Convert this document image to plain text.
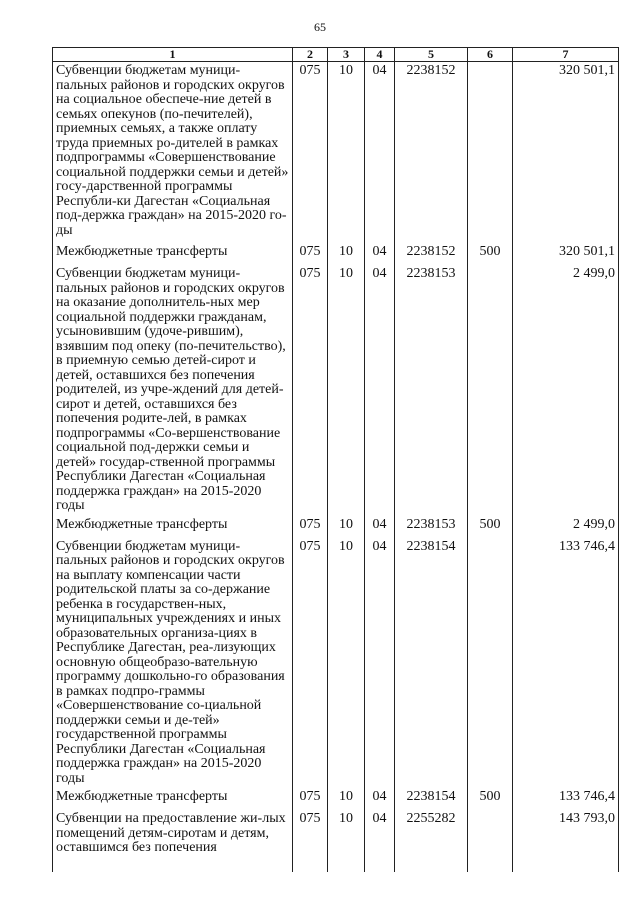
65
1	2	3	4	5	6	7
Субвенции бюджетам муници-пальных районов и городских округов на социальное обеспече-ние детей в семьях опекунов (по-печителей), приемных семьях, а также оплату труда приемных ро-дителей в рамках подпрограммы «Совершенствование социальной поддержки семьи и детей» госу-дарственной программы Республи-ки Дагестан «Социальная под-держка граждан» на 2015-2020 го-ды	075	10	04	2238152		320 501,1
Межбюджетные трансферты	075	10	04	2238152	500	320 501,1
Субвенции бюджетам муници-пальных районов и городских округов на оказание дополнитель-ных мер социальной поддержки гражданам, усыновившим (удоче-рившим), взявшим под опеку (по-печительство), в приемную семью детей-сирот и детей, оставшихся без попечения родителей, из учре-ждений для детей-сирот и детей, оставшихся без попечения родите-лей, в рамках подпрограммы «Со-вершенствование социальной под-держки семьи и детей» государ-ственной программы Республики Дагестан «Социальная поддержка граждан» на 2015-2020 годы	075	10	04	2238153		2 499,0
Межбюджетные трансферты	075	10	04	2238153	500	2 499,0
Субвенции бюджетам муници-пальных районов и городских округов на выплату компенсации части родительской платы за со-держание ребенка в государствен-ных, муниципальных учреждениях и иных образовательных организа-циях в Республике Дагестан, реа-лизующих основную общеобразо-вательную программу дошкольно-го образования в рамках подпро-граммы «Совершенствование со-циальной поддержки семьи и де-тей» государственной программы Республики Дагестан «Социальная поддержка граждан» на 2015-2020 годы	075	10	04	2238154		133 746,4
Межбюджетные трансферты	075	10	04	2238154	500	133 746,4
Субвенции на предоставление жи-лых помещений детям-сиротам и детям, оставшимся без попечения	075	10	04	2255282		143 793,0
